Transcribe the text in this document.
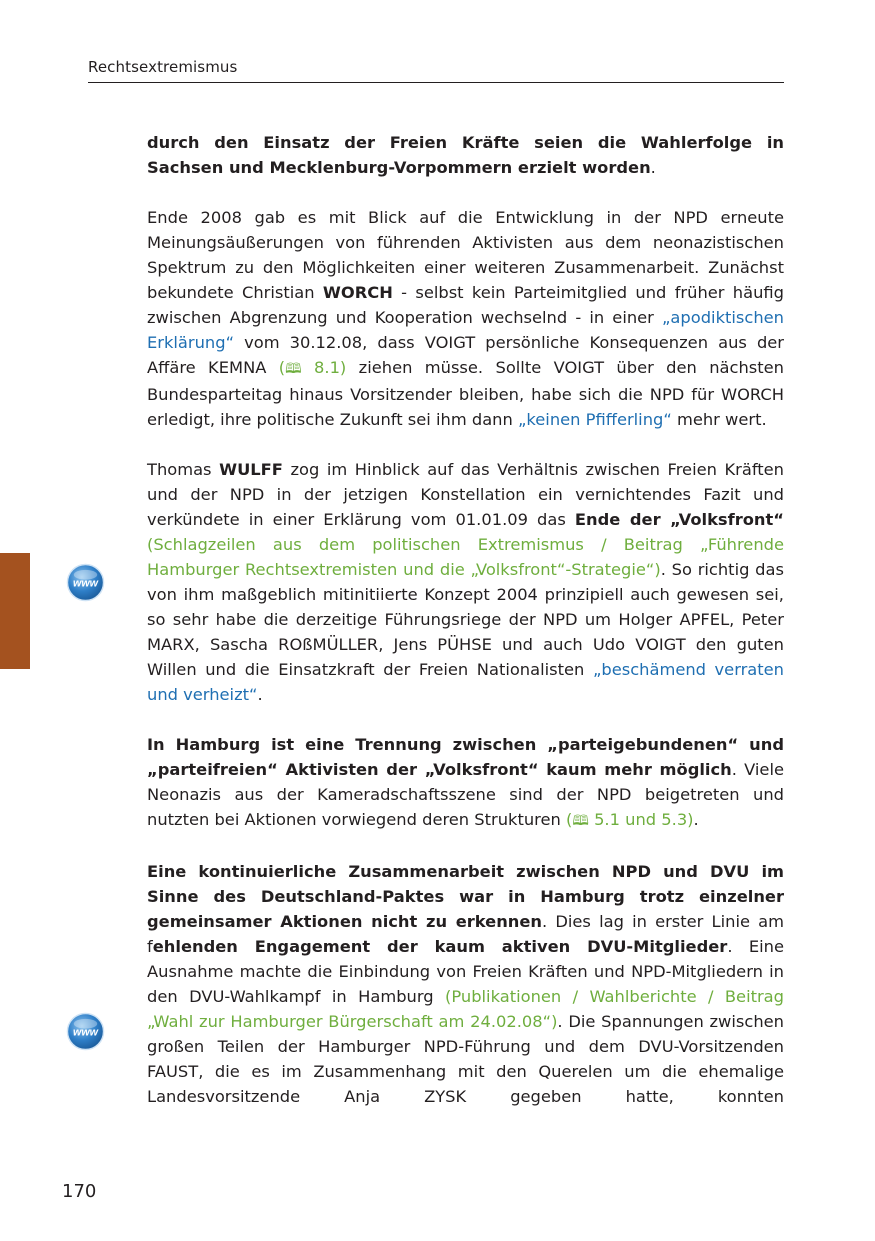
Rechtsextremismus
www
www

durch den Einsatz der Freien Kräfte seien die Wahlerfolge in Sachsen und Mecklenburg-Vorpommern erzielt worden.

Ende 2008 gab es mit Blick auf die Entwicklung in der NPD erneute Meinungsäußerungen von führenden Aktivisten aus dem neonazistischen Spektrum zu den Möglichkeiten einer weiteren Zusammenarbeit. Zunächst bekundete Christian WORCH - selbst kein Parteimitglied und früher häufig zwischen Abgrenzung und Kooperation wechselnd - in einer „apodiktischen Erklärung“ vom 30.12.08, dass VOIGT persönliche Konsequenzen aus der Affäre KEMNA (🕮 8.1) ziehen müsse. Sollte VOIGT über den nächsten Bundesparteitag hinaus Vorsitzender bleiben, habe sich die NPD für WORCH erledigt, ihre politische Zukunft sei ihm dann „keinen Pfifferling“ mehr wert.

Thomas WULFF zog im Hinblick auf das Verhältnis zwischen Freien Kräften und der NPD in der jetzigen Konstellation ein vernichtendes Fazit und verkündete in einer Erklärung vom 01.01.09 das Ende der „Volksfront“ (Schlagzeilen aus dem politischen Extremismus / Beitrag „Führende Hamburger Rechtsextremisten und die „Volksfront“-Strategie“). So richtig das von ihm maßgeblich mitinitiierte Konzept 2004 prinzipiell auch gewesen sei, so sehr habe die derzeitige Führungsriege der NPD um Holger APFEL, Peter MARX, Sascha ROßMÜLLER, Jens PÜHSE und auch Udo VOIGT den guten Willen und die Einsatzkraft der Freien Nationalisten „beschämend verraten und verheizt“.

In Hamburg ist eine Trennung zwischen „parteigebundenen“ und „parteifreien“ Aktivisten der „Volksfront“ kaum mehr möglich. Viele Neonazis aus der Kameradschaftsszene sind der NPD beigetreten und nutzten bei Aktionen vorwiegend deren Strukturen (🕮 5.1 und 5.3).

Eine kontinuierliche Zusammenarbeit zwischen NPD und DVU im Sinne des Deutschland-Paktes war in Hamburg trotz einzelner gemeinsamer Aktionen nicht zu erkennen. Dies lag in erster Linie am fehlenden Engagement der kaum aktiven DVU-Mitglieder. Eine Ausnahme machte die Einbindung von Freien Kräften und NPD-Mitgliedern in den DVU-Wahlkampf in Hamburg (Publikationen / Wahlberichte / Beitrag „Wahl zur Hamburger Bürgerschaft am 24.02.08“). Die Spannungen zwischen großen Teilen der Hamburger NPD-Führung und dem DVU-Vorsitzenden FAUST, die es im Zusammenhang mit den Querelen um die ehemalige Landesvorsitzende Anja ZYSK gegeben hatte, konnten

170
